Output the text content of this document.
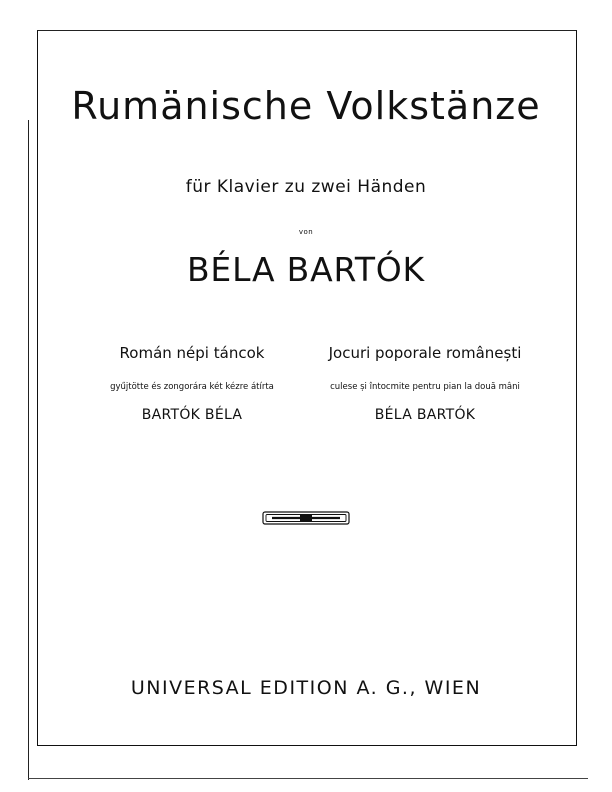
Rumänische Volkstänze
für Klavier zu zwei Händen
von
BÉLA BARTÓK
Román népi táncok
gyűjtötte és zongorára két kézre átírta
BARTÓK BÉLA
Jocuri poporale românești
culese și întocmite pentru pian la două mâni
BÉLA BARTÓK
UNIVERSAL EDITION A. G., WIEN
